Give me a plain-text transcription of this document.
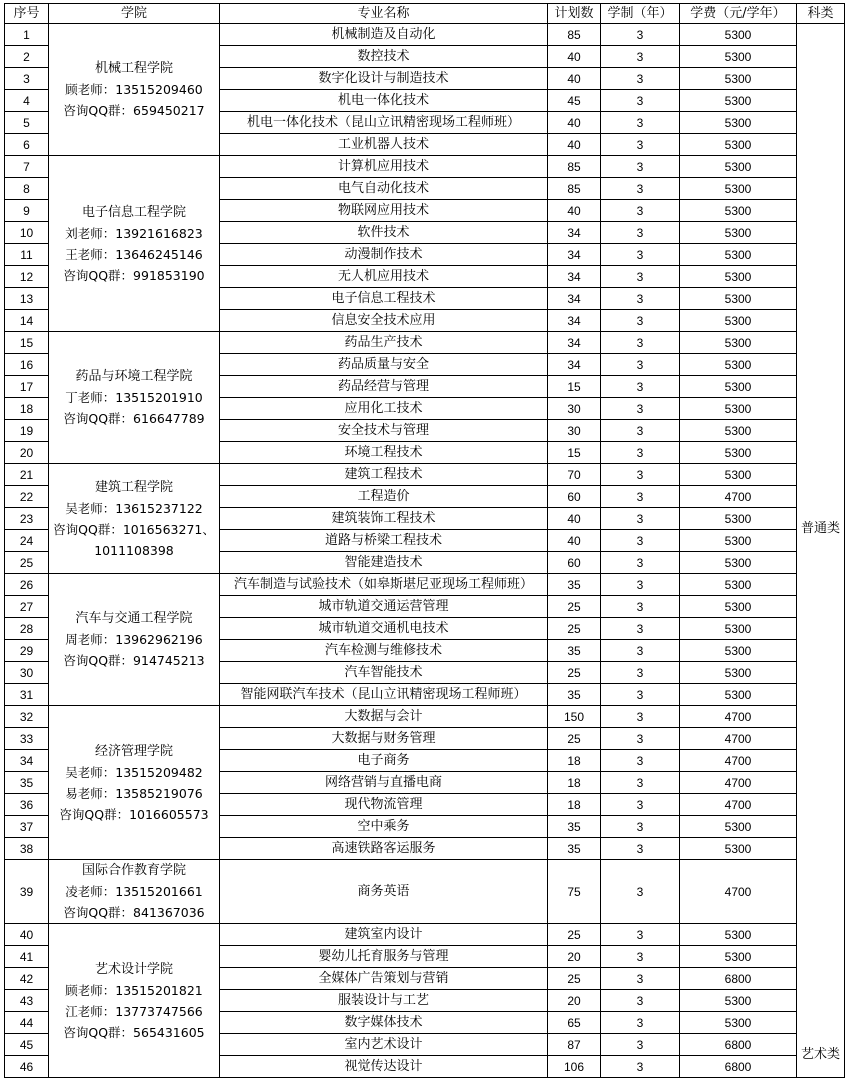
序号	学院	专业名称	计划数	学制（年）	学费（元/学年）	科类
1	机械工程学院
顾老师：13515209460
咨询QQ群：659450217	机械制造及自动化	85	3	5300	普通类
2		数控技术	40	3	5300	
3		数字化设计与制造技术	40	3	5300	
4		机电一体化技术	45	3	5300	
5		机电一体化技术（昆山立讯精密现场工程师班）	40	3	5300	
6		工业机器人技术	40	3	5300	
7	电子信息工程学院
刘老师：13921616823
王老师：13646245146
咨询QQ群：991853190	计算机应用技术	85	3	5300	
8		电气自动化技术	85	3	5300	
9		物联网应用技术	40	3	5300	
10		软件技术	34	3	5300	
11		动漫制作技术	34	3	5300	
12		无人机应用技术	34	3	5300	
13		电子信息工程技术	34	3	5300	
14		信息安全技术应用	34	3	5300	
15	药品与环境工程学院
丁老师：13515201910
咨询QQ群：616647789	药品生产技术	34	3	5300	
16		药品质量与安全	34	3	5300	
17		药品经营与管理	15	3	5300	
18		应用化工技术	30	3	5300	
19		安全技术与管理	30	3	5300	
20		环境工程技术	15	3	5300	
21	建筑工程学院
吴老师：13615237122
咨询QQ群：1016563271、
1011108398	建筑工程技术	70	3	5300	
22		工程造价	60	3	4700	
23		建筑装饰工程技术	40	3	5300	
24		道路与桥梁工程技术	40	3	5300	
25		智能建造技术	60	3	5300	
26	汽车与交通工程学院
周老师：13962962196
咨询QQ群：914745213	汽车制造与试验技术（如皋斯堪尼亚现场工程师班）	35	3	5300	
27		城市轨道交通运营管理	25	3	5300	
28		城市轨道交通机电技术	25	3	5300	
29		汽车检测与维修技术	35	3	5300	
30		汽车智能技术	25	3	5300	
31		智能网联汽车技术（昆山立讯精密现场工程师班）	35	3	5300	
32	经济管理学院
吴老师：13515209482
易老师：13585219076
咨询QQ群：1016605573	大数据与会计	150	3	4700	
33		大数据与财务管理	25	3	4700	
34		电子商务	18	3	4700	
35		网络营销与直播电商	18	3	4700	
36		现代物流管理	18	3	4700	
37		空中乘务	35	3	5300	
38		高速铁路客运服务	35	3	5300	
39	国际合作教育学院
凌老师：13515201661
咨询QQ群：841367036	商务英语	75	3	4700	
40	艺术设计学院
顾老师：13515201821
江老师：13773747566
咨询QQ群：565431605	建筑室内设计	25	3	5300	
41		婴幼儿托育服务与管理	20	3	5300	
42		全媒体广告策划与营销	25	3	6800	
43		服装设计与工艺	20	3	5300	
44		数字媒体技术	65	3	5300	
45		室内艺术设计	87	3	6800	艺术类
46		视觉传达设计	106	3	6800	
